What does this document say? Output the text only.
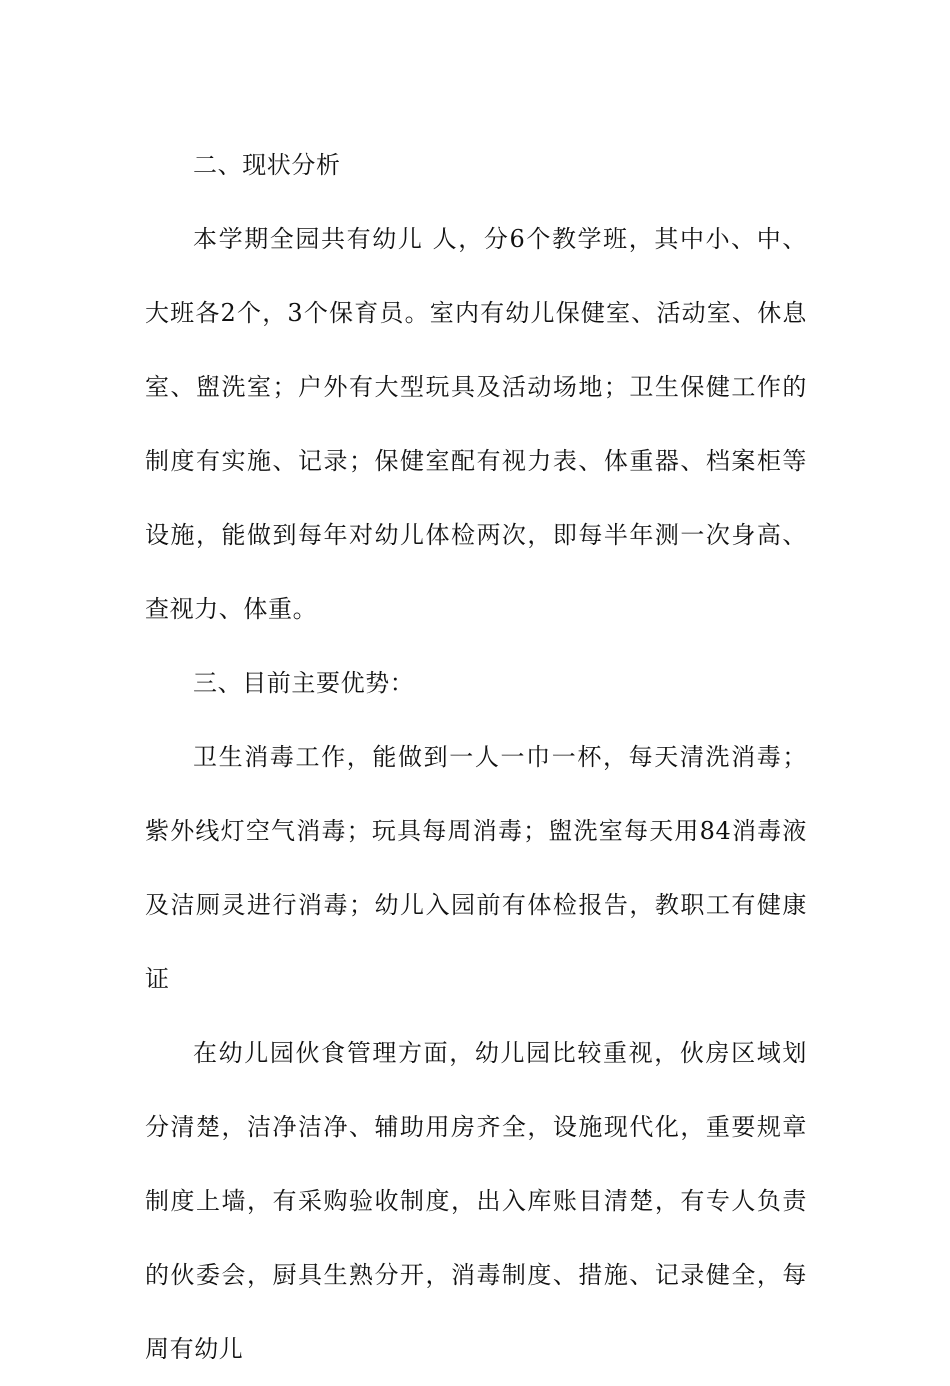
二、现状分析

本学期全园共有幼儿 人，分6个教学班，其中小、中、大班各2个，3个保育员。室内有幼儿保健室、活动室、休息室、盥洗室；户外有大型玩具及活动场地；卫生保健工作的制度有实施、记录；保健室配有视力表、体重器、档案柜等设施，能做到每年对幼儿体检两次，即每半年测一次身高、查视力、体重。

三、目前主要优势：

卫生消毒工作，能做到一人一巾一杯，每天清洗消毒；紫外线灯空气消毒；玩具每周消毒；盥洗室每天用84消毒液及洁厕灵进行消毒；幼儿入园前有体检报告，教职工有健康证

在幼儿园伙食管理方面，幼儿园比较重视，伙房区域划分清楚，洁净洁净、辅助用房齐全，设施现代化，重要规章制度上墙，有采购验收制度，出入库账目清楚，有专人负责的伙委会，厨具生熟分开，消毒制度、措施、记录健全，每周有幼儿
